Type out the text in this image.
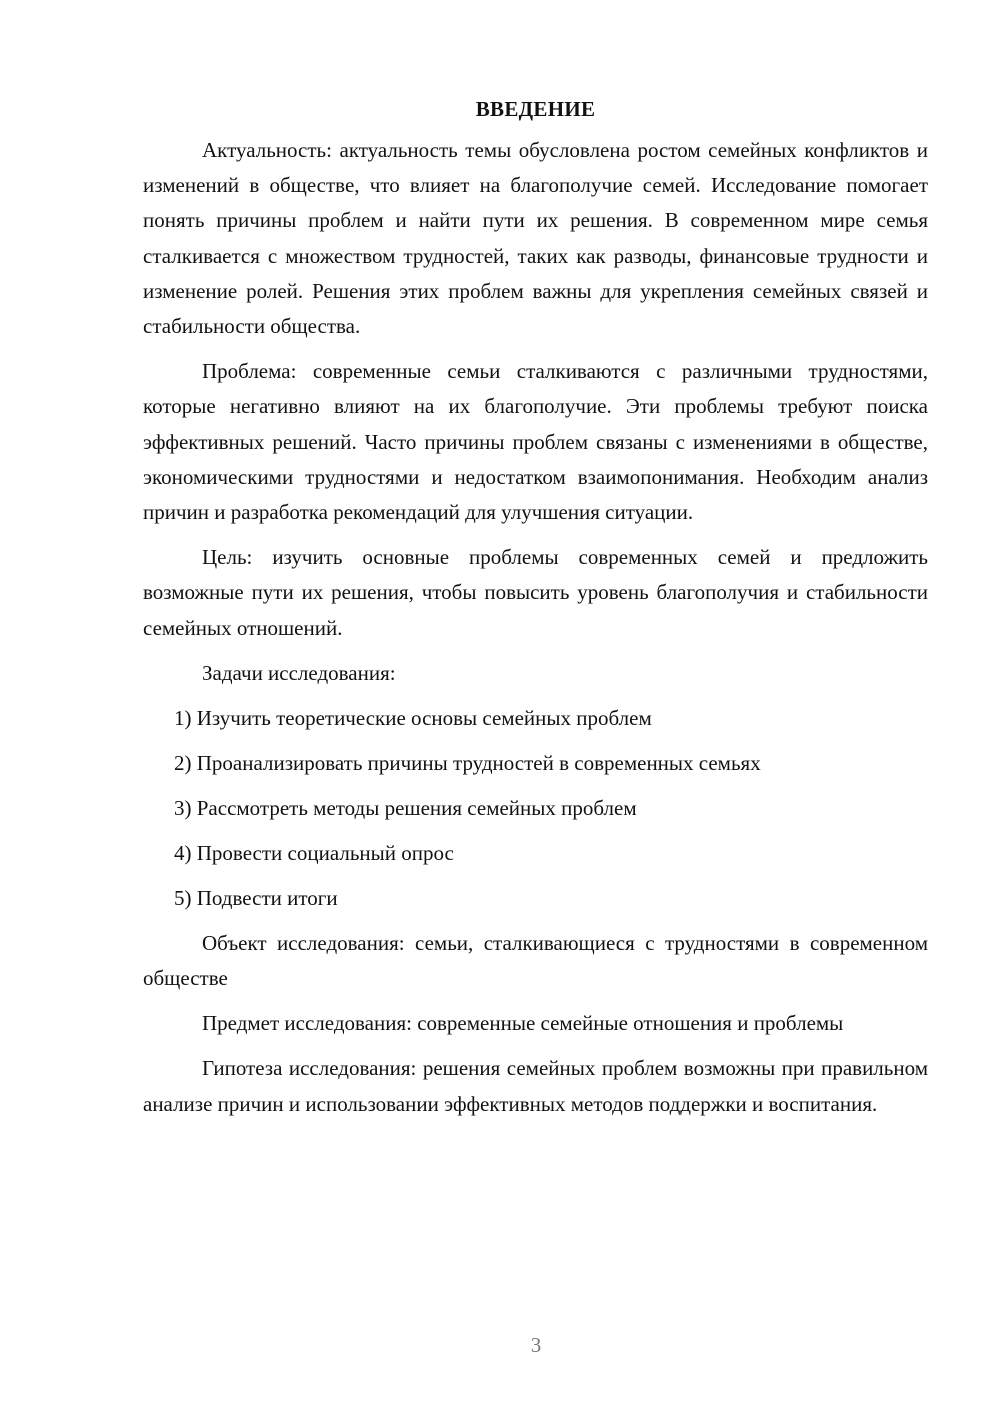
ВВЕДЕНИЕ

Актуальность: актуальность темы обусловлена ростом семейных конфликтов и изменений в обществе, что влияет на благополучие семей. Исследование помогает понять причины проблем и найти пути их решения. В современном мире семья сталкивается с множеством трудностей, таких как разводы, финансовые трудности и изменение ролей. Решения этих проблем важны для укрепления семейных связей и стабильности общества.

Проблема: современные семьи сталкиваются с различными трудностями, которые негативно влияют на их благополучие. Эти проблемы требуют поиска эффективных решений. Часто причины проблем связаны с изменениями в обществе, экономическими трудностями и недостатком взаимопонимания. Необходим анализ причин и разработка рекомендаций для улучшения ситуации.

Цель: изучить основные проблемы современных семей и предложить возможные пути их решения, чтобы повысить уровень благополучия и стабильности семейных отношений.

Задачи исследования:

1) Изучить теоретические основы семейных проблем
2) Проанализировать причины трудностей в современных семьях
3) Рассмотреть методы решения семейных проблем
4) Провести социальный опрос
5) Подвести итоги

Объект исследования: семьи, сталкивающиеся с трудностями в современном обществе

Предмет исследования: современные семейные отношения и проблемы

Гипотеза исследования: решения семейных проблем возможны при правильном анализе причин и использовании эффективных методов поддержки и воспитания.

3
